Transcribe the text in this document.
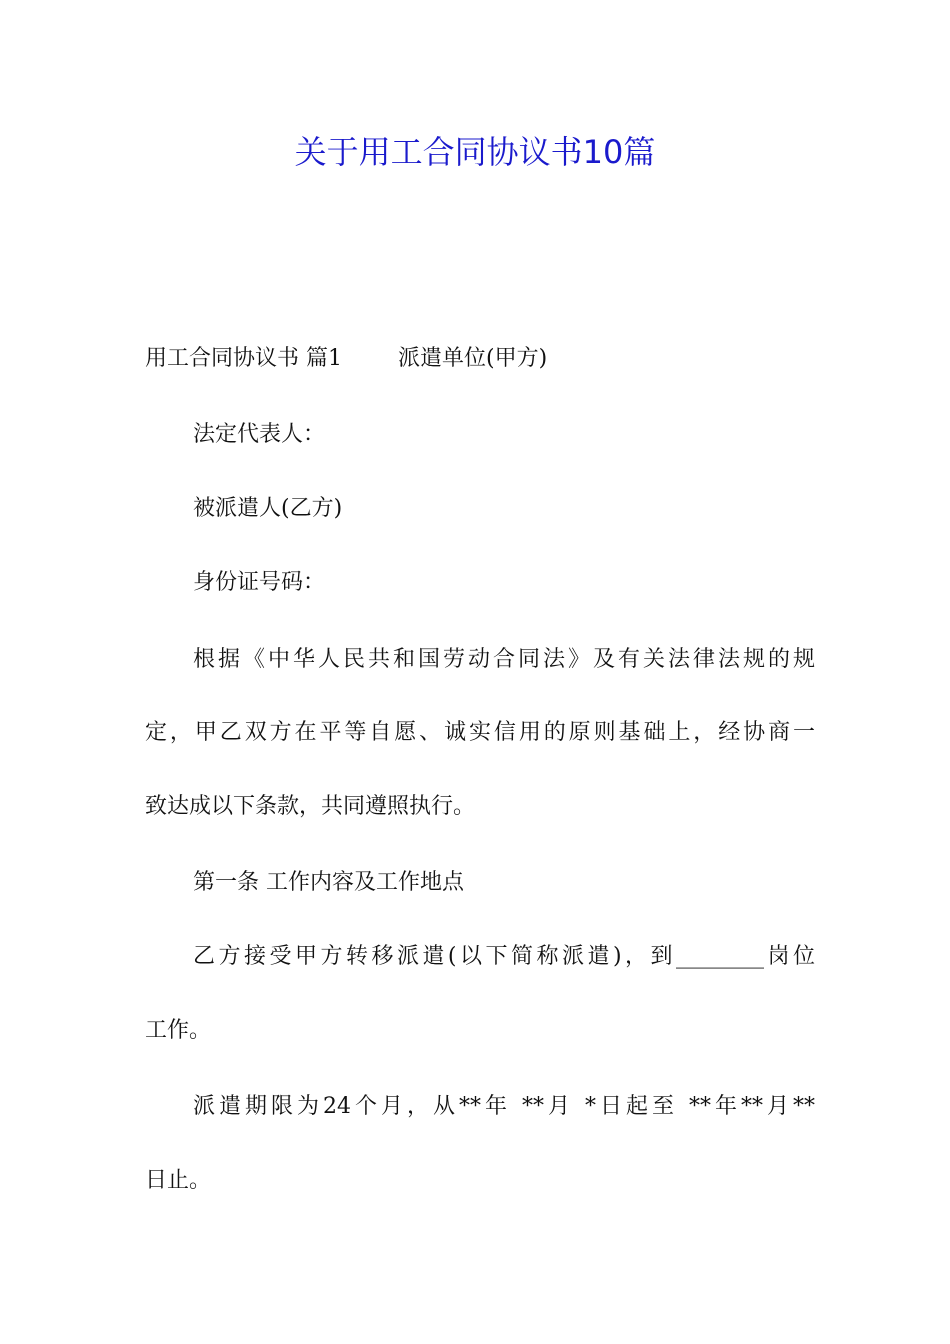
关于用工合同协议书10篇

用工合同协议书 篇1	派遣单位(甲方)

法定代表人：

被派遣人(乙方)

身份证号码：

根据《中华人民共和国劳动合同法》及有关法律法规的规

定，甲乙双方在平等自愿、诚实信用的原则基础上，经协商一

致达成以下条款，共同遵照执行。

第一条 工作内容及工作地点

乙方接受甲方转移派遣(以下简称派遣)，到________岗位

工作。

派遣期限为24个月，从**年 **月 *日起至 **年**月**

日止。
